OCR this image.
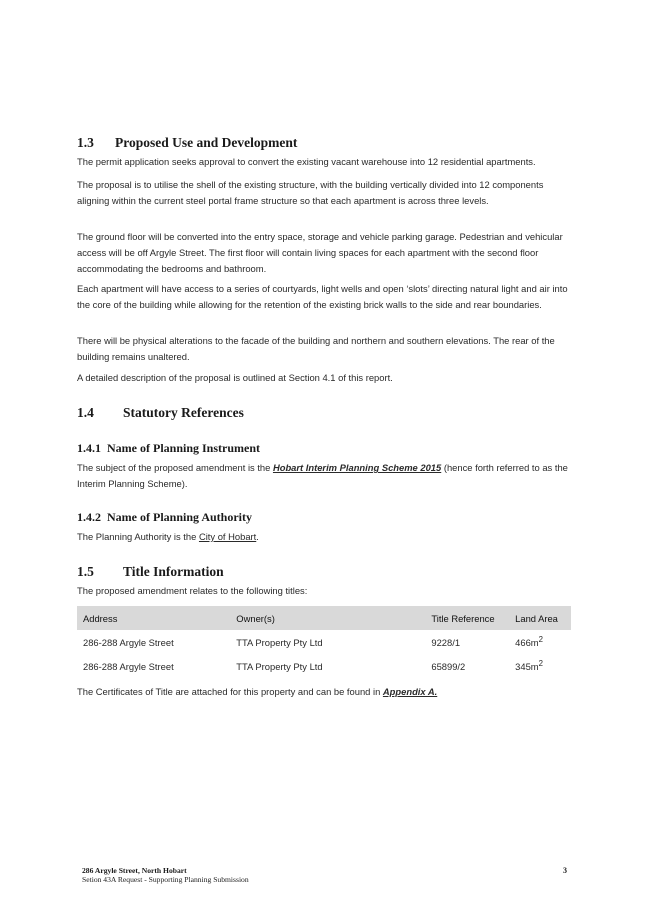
1.3 Proposed Use and Development
The permit application seeks approval to convert the existing vacant warehouse into 12 residential apartments.
The proposal is to utilise the shell of the existing structure, with the building vertically divided into 12 components aligning within the current steel portal frame structure so that each apartment is across three levels.
The ground floor will be converted into the entry space, storage and vehicle parking garage. Pedestrian and vehicular access will be off Argyle Street. The first floor will contain living spaces for each apartment with the second floor accommodating the bedrooms and bathroom.
Each apartment will have access to a series of courtyards, light wells and open ‘slots’ directing natural light and air into the core of the building while allowing for the retention of the existing brick walls to the side and rear boundaries.
There will be physical alterations to the facade of the building and northern and southern elevations. The rear of the building remains unaltered.
A detailed description of the proposal is outlined at Section 4.1 of this report.
1.4 Statutory References
1.4.1 Name of Planning Instrument
The subject of the proposed amendment is the Hobart Interim Planning Scheme 2015 (hence forth referred to as the Interim Planning Scheme).
1.4.2 Name of Planning Authority
The Planning Authority is the City of Hobart.
1.5 Title Information
The proposed amendment relates to the following titles:
Address	Owner(s)	Title Reference	Land Area
286-288 Argyle Street	TTA Property Pty Ltd	9228/1	$466m^2$
286-288 Argyle Street	TTA Property Pty Ltd	65899/2	$345m^2$
The Certificates of Title are attached for this property and can be found in Appendix A.
286 Argyle Street, North Hobart
Setion 43A Request - Supporting Planning Submission
3
